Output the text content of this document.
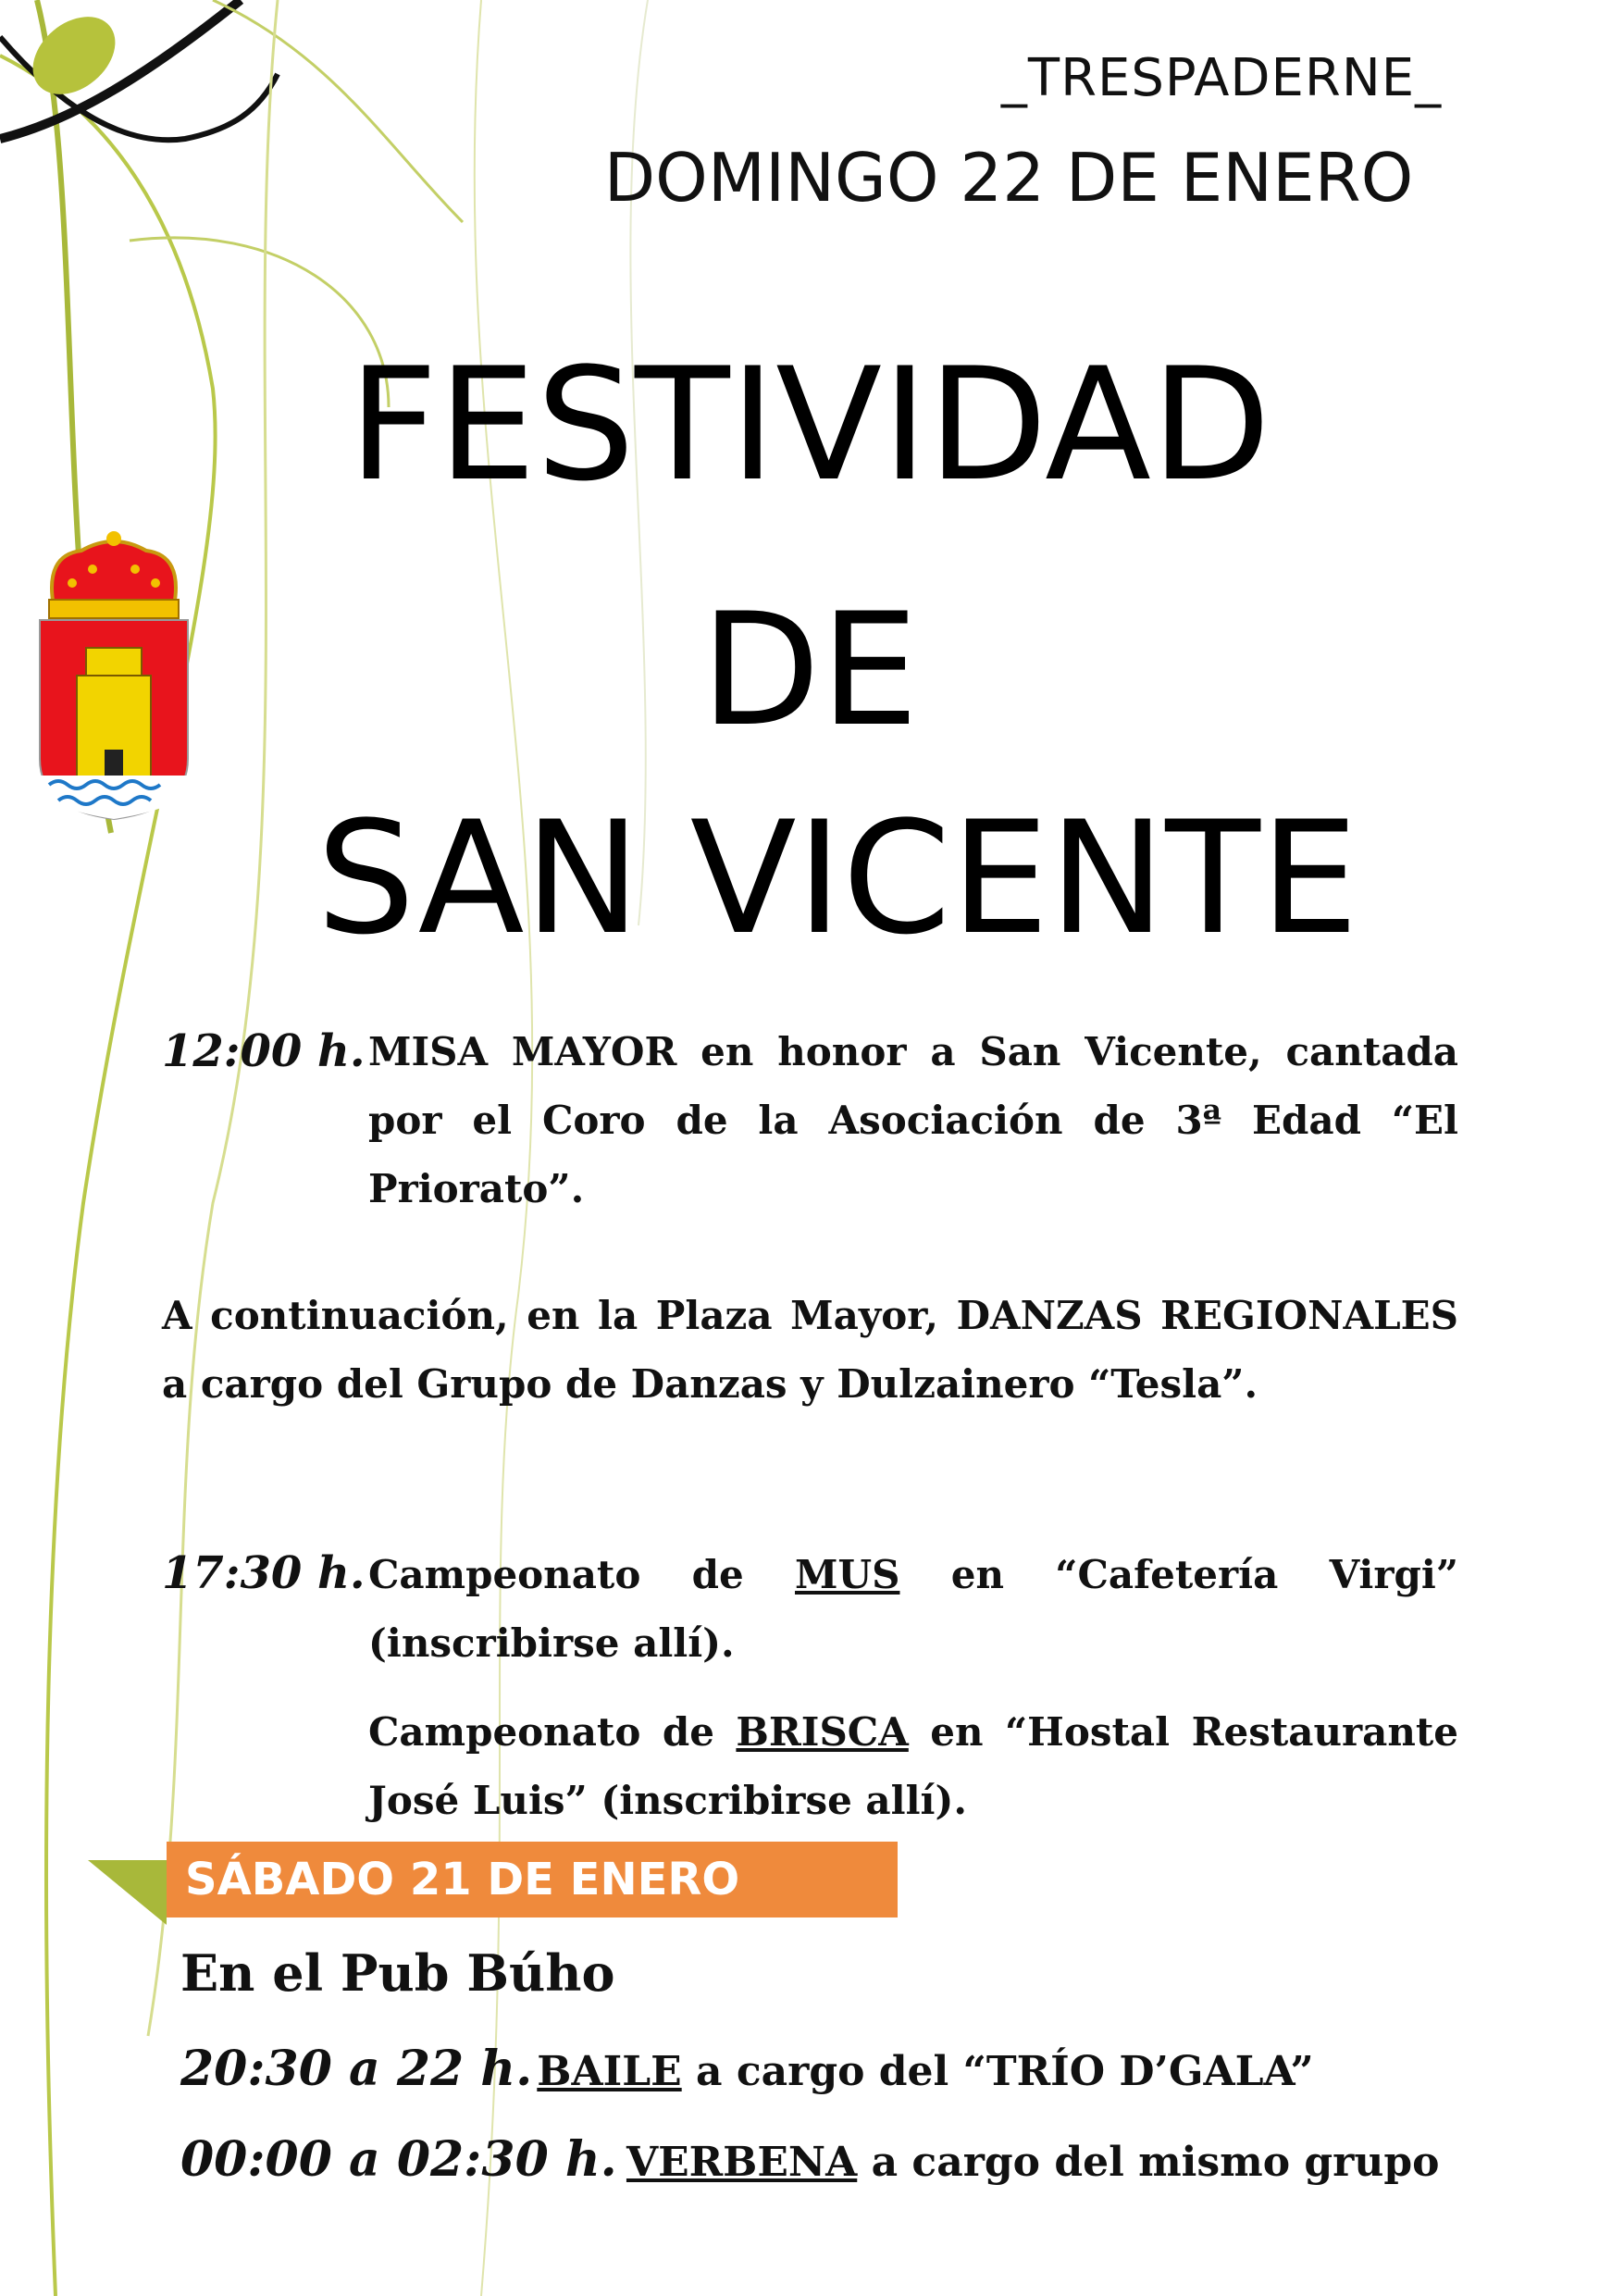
_TRESPADERNE_
DOMINGO 22 DE ENERO
FESTIVIDAD
DE
SAN VICENTE
12:00 h. MISA MAYOR en honor a San Vicente, cantada por el Coro de la Asociación de 3ª Edad “El Priorato”.
A continuación, en la Plaza Mayor, DANZAS REGIONALES a cargo del Grupo de Danzas y Dulzainero “Tesla”.
17:30 h. Campeonato de MUS en “Cafetería Virgi” (inscribirse allí).
Campeonato de BRISCA en “Hostal Restaurante José Luis” (inscribirse allí).
SÁBADO 21 DE ENERO
En el Pub Búho
20:30 a 22 h. BAILE a cargo del “TRÍO D’GALA”
00:00 a 02:30 h. VERBENA a cargo del mismo grupo
